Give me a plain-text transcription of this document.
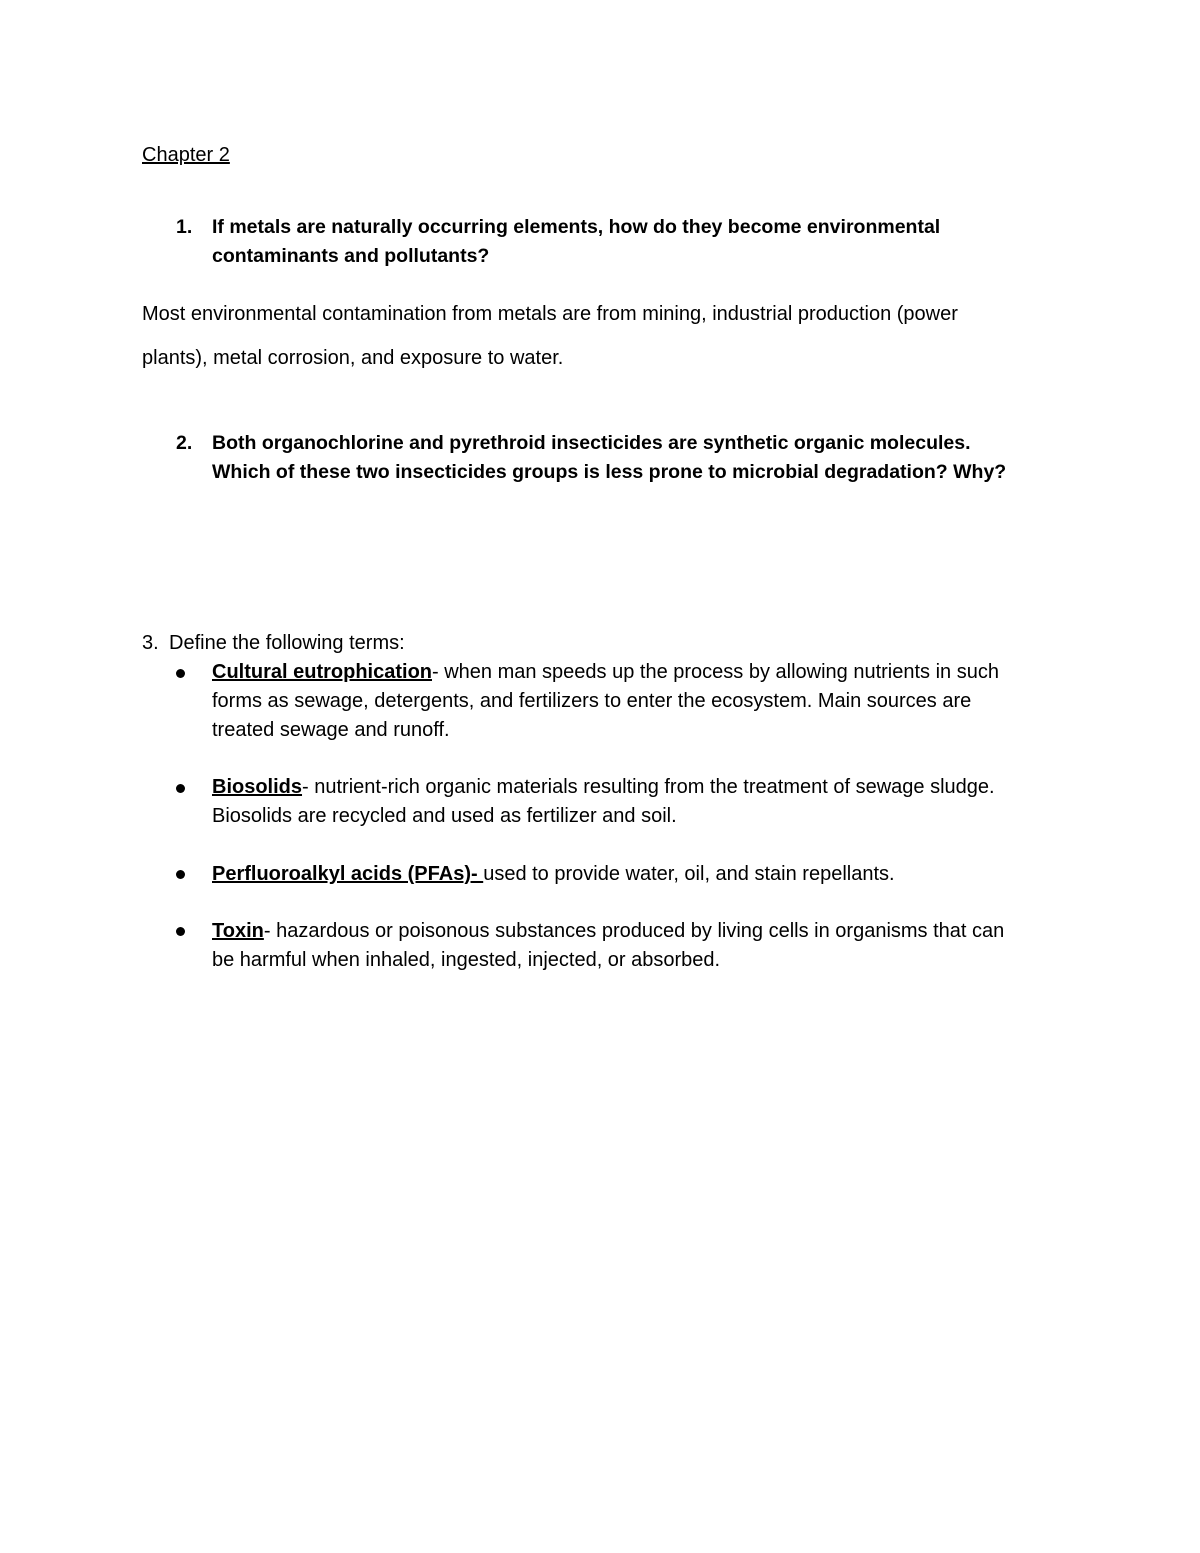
Chapter 2
1. If metals are naturally occurring elements, how do they become environmental
contaminants and pollutants?
Most environmental contamination from metals are from mining, industrial production (power
plants), metal corrosion, and exposure to water.
2. Both organochlorine and pyrethroid insecticides are synthetic organic molecules.
Which of these two insecticides groups is less prone to microbial degradation? Why?
3. Define the following terms:
Cultural eutrophication- when man speeds up the process by allowing nutrients in such
forms as sewage, detergents, and fertilizers to enter the ecosystem. Main sources are
treated sewage and runoff.
Biosolids- nutrient-rich organic materials resulting from the treatment of sewage sludge.
Biosolids are recycled and used as fertilizer and soil.
Perfluoroalkyl acids (PFAs)- used to provide water, oil, and stain repellants.
Toxin- hazardous or poisonous substances produced by living cells in organisms that can
be harmful when inhaled, ingested, injected, or absorbed.
